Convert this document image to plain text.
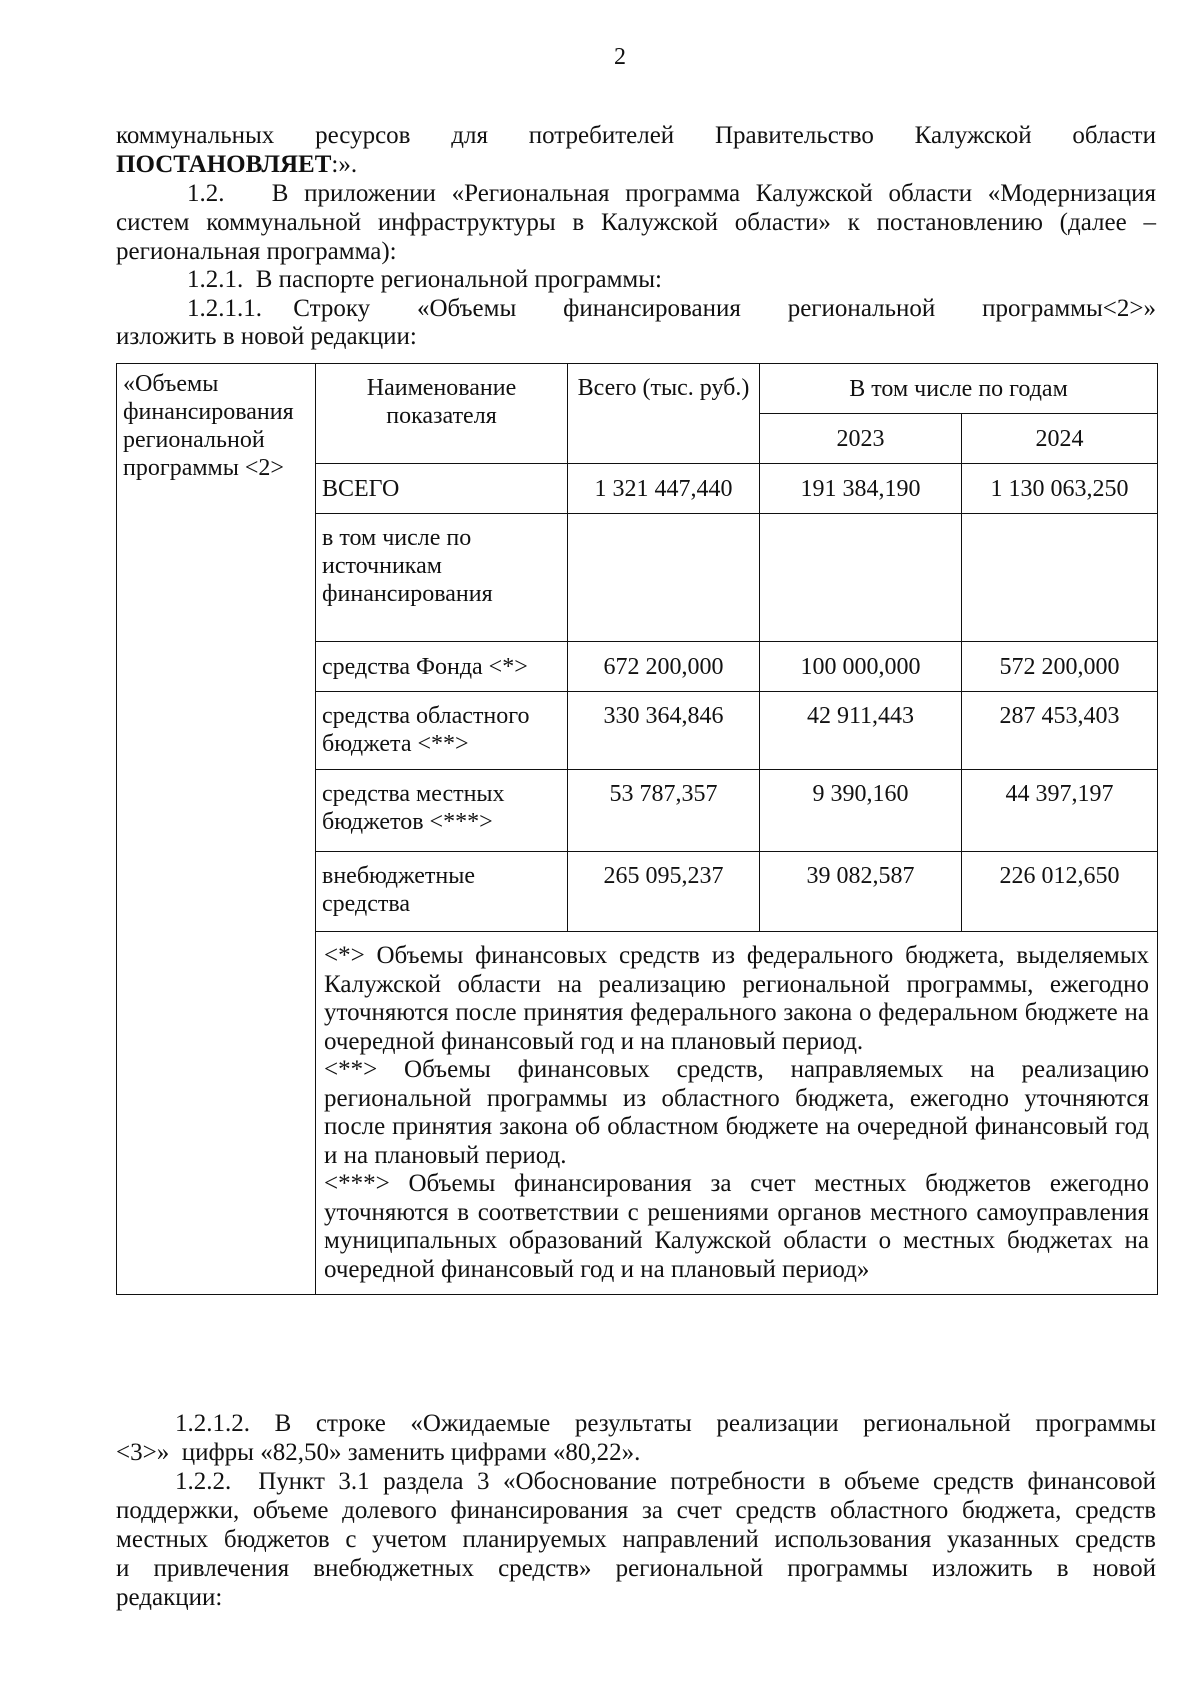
2
коммунальных ресурсов для потребителей Правительство Калужской области
ПОСТАНОВЛЯЕТ:».
1.2.   В приложении «Региональная программа Калужской области «Модернизация
систем коммунальной инфраструктуры в Калужской области» к постановлению (далее –
региональная программа):
1.2.1.  В паспорте региональной программы:
1.2.1.1.  Строку   «Объемы   финансирования   региональной   программы<2>»
изложить в новой редакции:
«Объемы финансирования региональной программы <2>	Наименование показателя	Всего (тыс. руб.)	В том числе по годам	
			2023	2024
	ВСЕГО	1 321 447,440	191 384,190	1 130 063,250
	в том числе по источникам финансирования			
	средства Фонда <*>	672 200,000	100 000,000	572 200,000
	средства областного бюджета <**>	330 364,846	42 911,443	287 453,403
	средства местных бюджетов <***>	53 787,357	9 390,160	44 397,197
	внебюджетные средства	265 095,237	39 082,587	226 012,650

	<*> Объемы финансовых средств из федерального бюджета, выделяемых Калужской области на реализацию региональной программы, ежегодно уточняются после принятия федерального закона о федеральном бюджете на очередной финансовый год и на плановый период.
<**> Объемы финансовых средств, направляемых на реализацию региональной программы из областного бюджета, ежегодно уточняются после принятия закона об областном бюджете на очередной финансовый год и на плановый период.
<***> Объемы финансирования за счет местных бюджетов ежегодно уточняются в соответствии с решениями органов местного самоуправления муниципальных образований Калужской области о местных бюджетах на очередной финансовый год и на плановый период»			
1.2.1.2.  В  строке  «Ожидаемые  результаты  реализации  региональной  программы
<3>»  цифры «82,50» заменить цифрами «80,22».
1.2.2.  Пункт 3.1 раздела 3 «Обоснование потребности в объеме средств финансовой
поддержки, объеме долевого финансирования за счет средств областного бюджета, средств
местных бюджетов с учетом планируемых направлений использования указанных средств
и привлечения внебюджетных средств» региональной программы изложить в новой
редакции:
